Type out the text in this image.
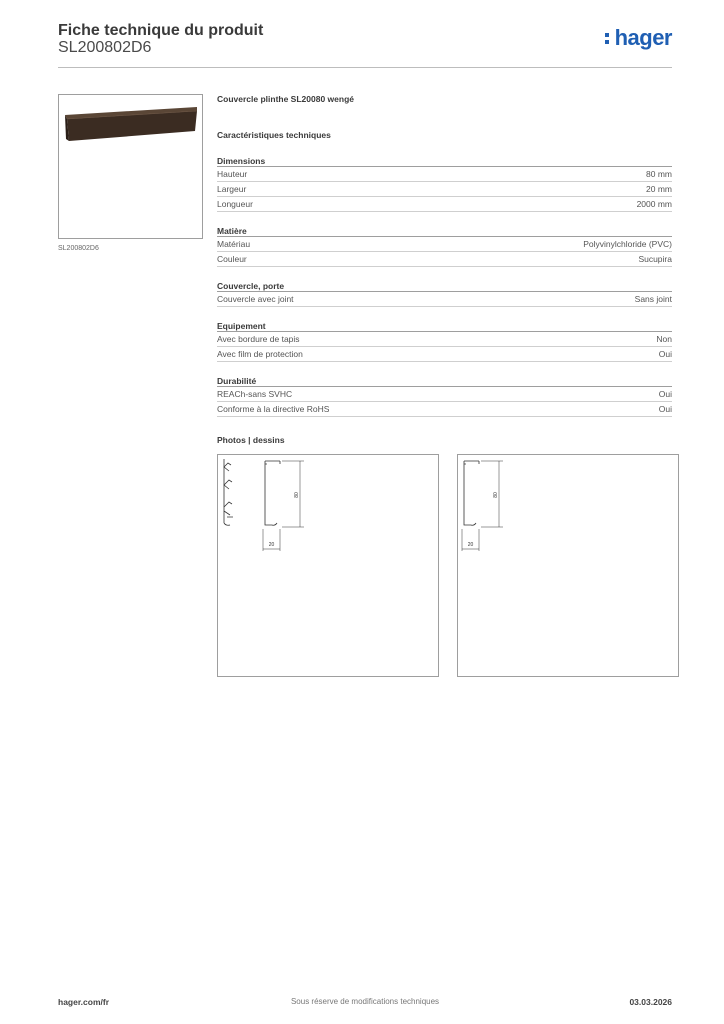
Fiche technique du produit
SL200802D6	hager
SL200802D6
Couvercle plinthe SL20080 wengé
Caractéristiques techniques
Dimensions
Hauteur	80 mm
Largeur	20 mm
Longueur	2000 mm
Matière
Matériau	Polyvinylchloride (PVC)
Couleur	Sucupira
Couvercle, porte
Couvercle avec joint	Sans joint
Equipement
Avec bordure de tapis	Non
Avec film de protection	Oui
Durabilité
REACh-sans SVHC	Oui
Conforme à la directive RoHS	Oui
Photos | dessins
80
20
80
20
hager.com/fr	Sous réserve de modifications techniques	03.03.2026
